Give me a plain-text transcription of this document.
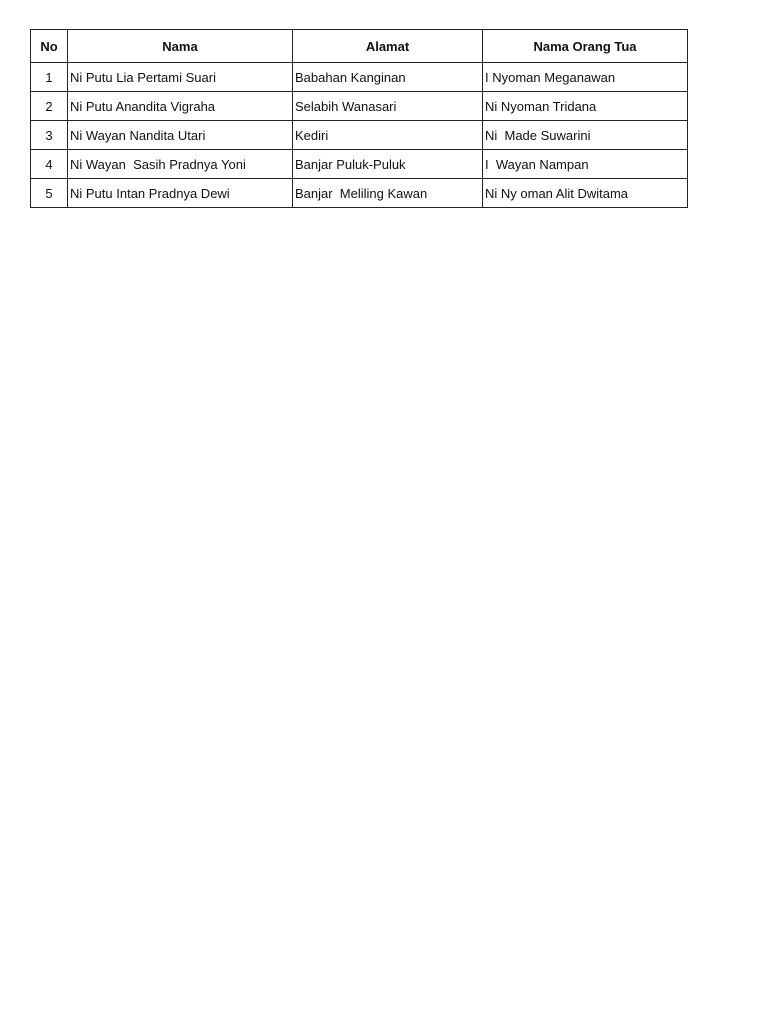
No	Nama	Alamat	Nama Orang Tua
1	Ni Putu Lia Pertami Suari	Babahan Kanginan	I Nyoman Meganawan
2	Ni Putu Anandita Vigraha	Selabih Wanasari	Ni Nyoman Tridana
3	Ni Wayan Nandita Utari	Kediri	Ni  Made Suwarini
4	Ni Wayan  Sasih Pradnya Yoni	Banjar Puluk-Puluk	I  Wayan Nampan
5	Ni Putu Intan Pradnya Dewi	Banjar  Meliling Kawan	Ni Ny oman Alit Dwitama
